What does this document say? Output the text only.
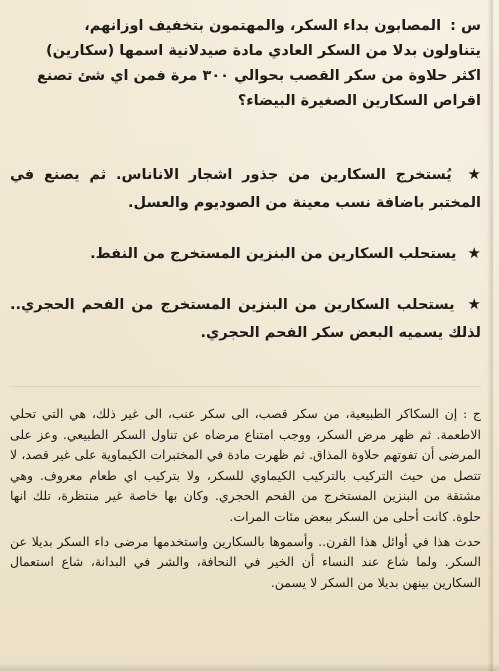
س : المصابون بداء السكر، والمهتمون بتخفيف اوزانهم،

يتناولون بدلا من السكر العادي مادة صيدلانية اسمها (سكارين)

اكثر حلاوة من سكر القصب بحوالي ٣٠٠ مرة فمن اي شئ تصنع

اقراص السكارين الصغيرة البيضاء؟

★ يُستخرج السكارين من جذور اشجار الاناناس. ثم يصنع في المختبر باضافة نسب معينة من الصوديوم والعسل.

★ يستحلب السكارين من البنزين المستخرج من النفط.

★ يستحلب السكارين من البنزين المستخرج من الفحم الحجري.. لذلك يسميه البعض سكر الفحم الحجري.

ج : إن السكاكر الطبيعية، من سكر قصب، الى سكر عنب، الى غير ذلك، هي التي تحلي الاطعمة. ثم ظهر مرض السكر، ووجب امتناع مرضاه عن تناول السكر الطبيعي. وعز على المرضى أن تفوتهم حلاوة المذاق. ثم ظهرت مادة في المختبرات الكيماوية على غير قصد، لا تتصل من حيث التركيب بالتركيب الكيماوي للسكر، ولا بتركيب اي طعام معروف. وهي مشتقة من البنزين المستخرج من الفحم الحجري. وكان بها خاصة غير منتظرة، تلك انها حلوة. كانت أحلى من السكر ببعض مئات المرات.

حدث هذا في أوائل هذا القرن.. وأسموها بالسكارين واستخدمها مرضى داء السكر بديلا عن السكر. ولما شاع عند النساء أن الخير في النحافة، والشر في البدانة، شاع استعمال السكارين بينهن بديلا من السكر لا يسمن.
